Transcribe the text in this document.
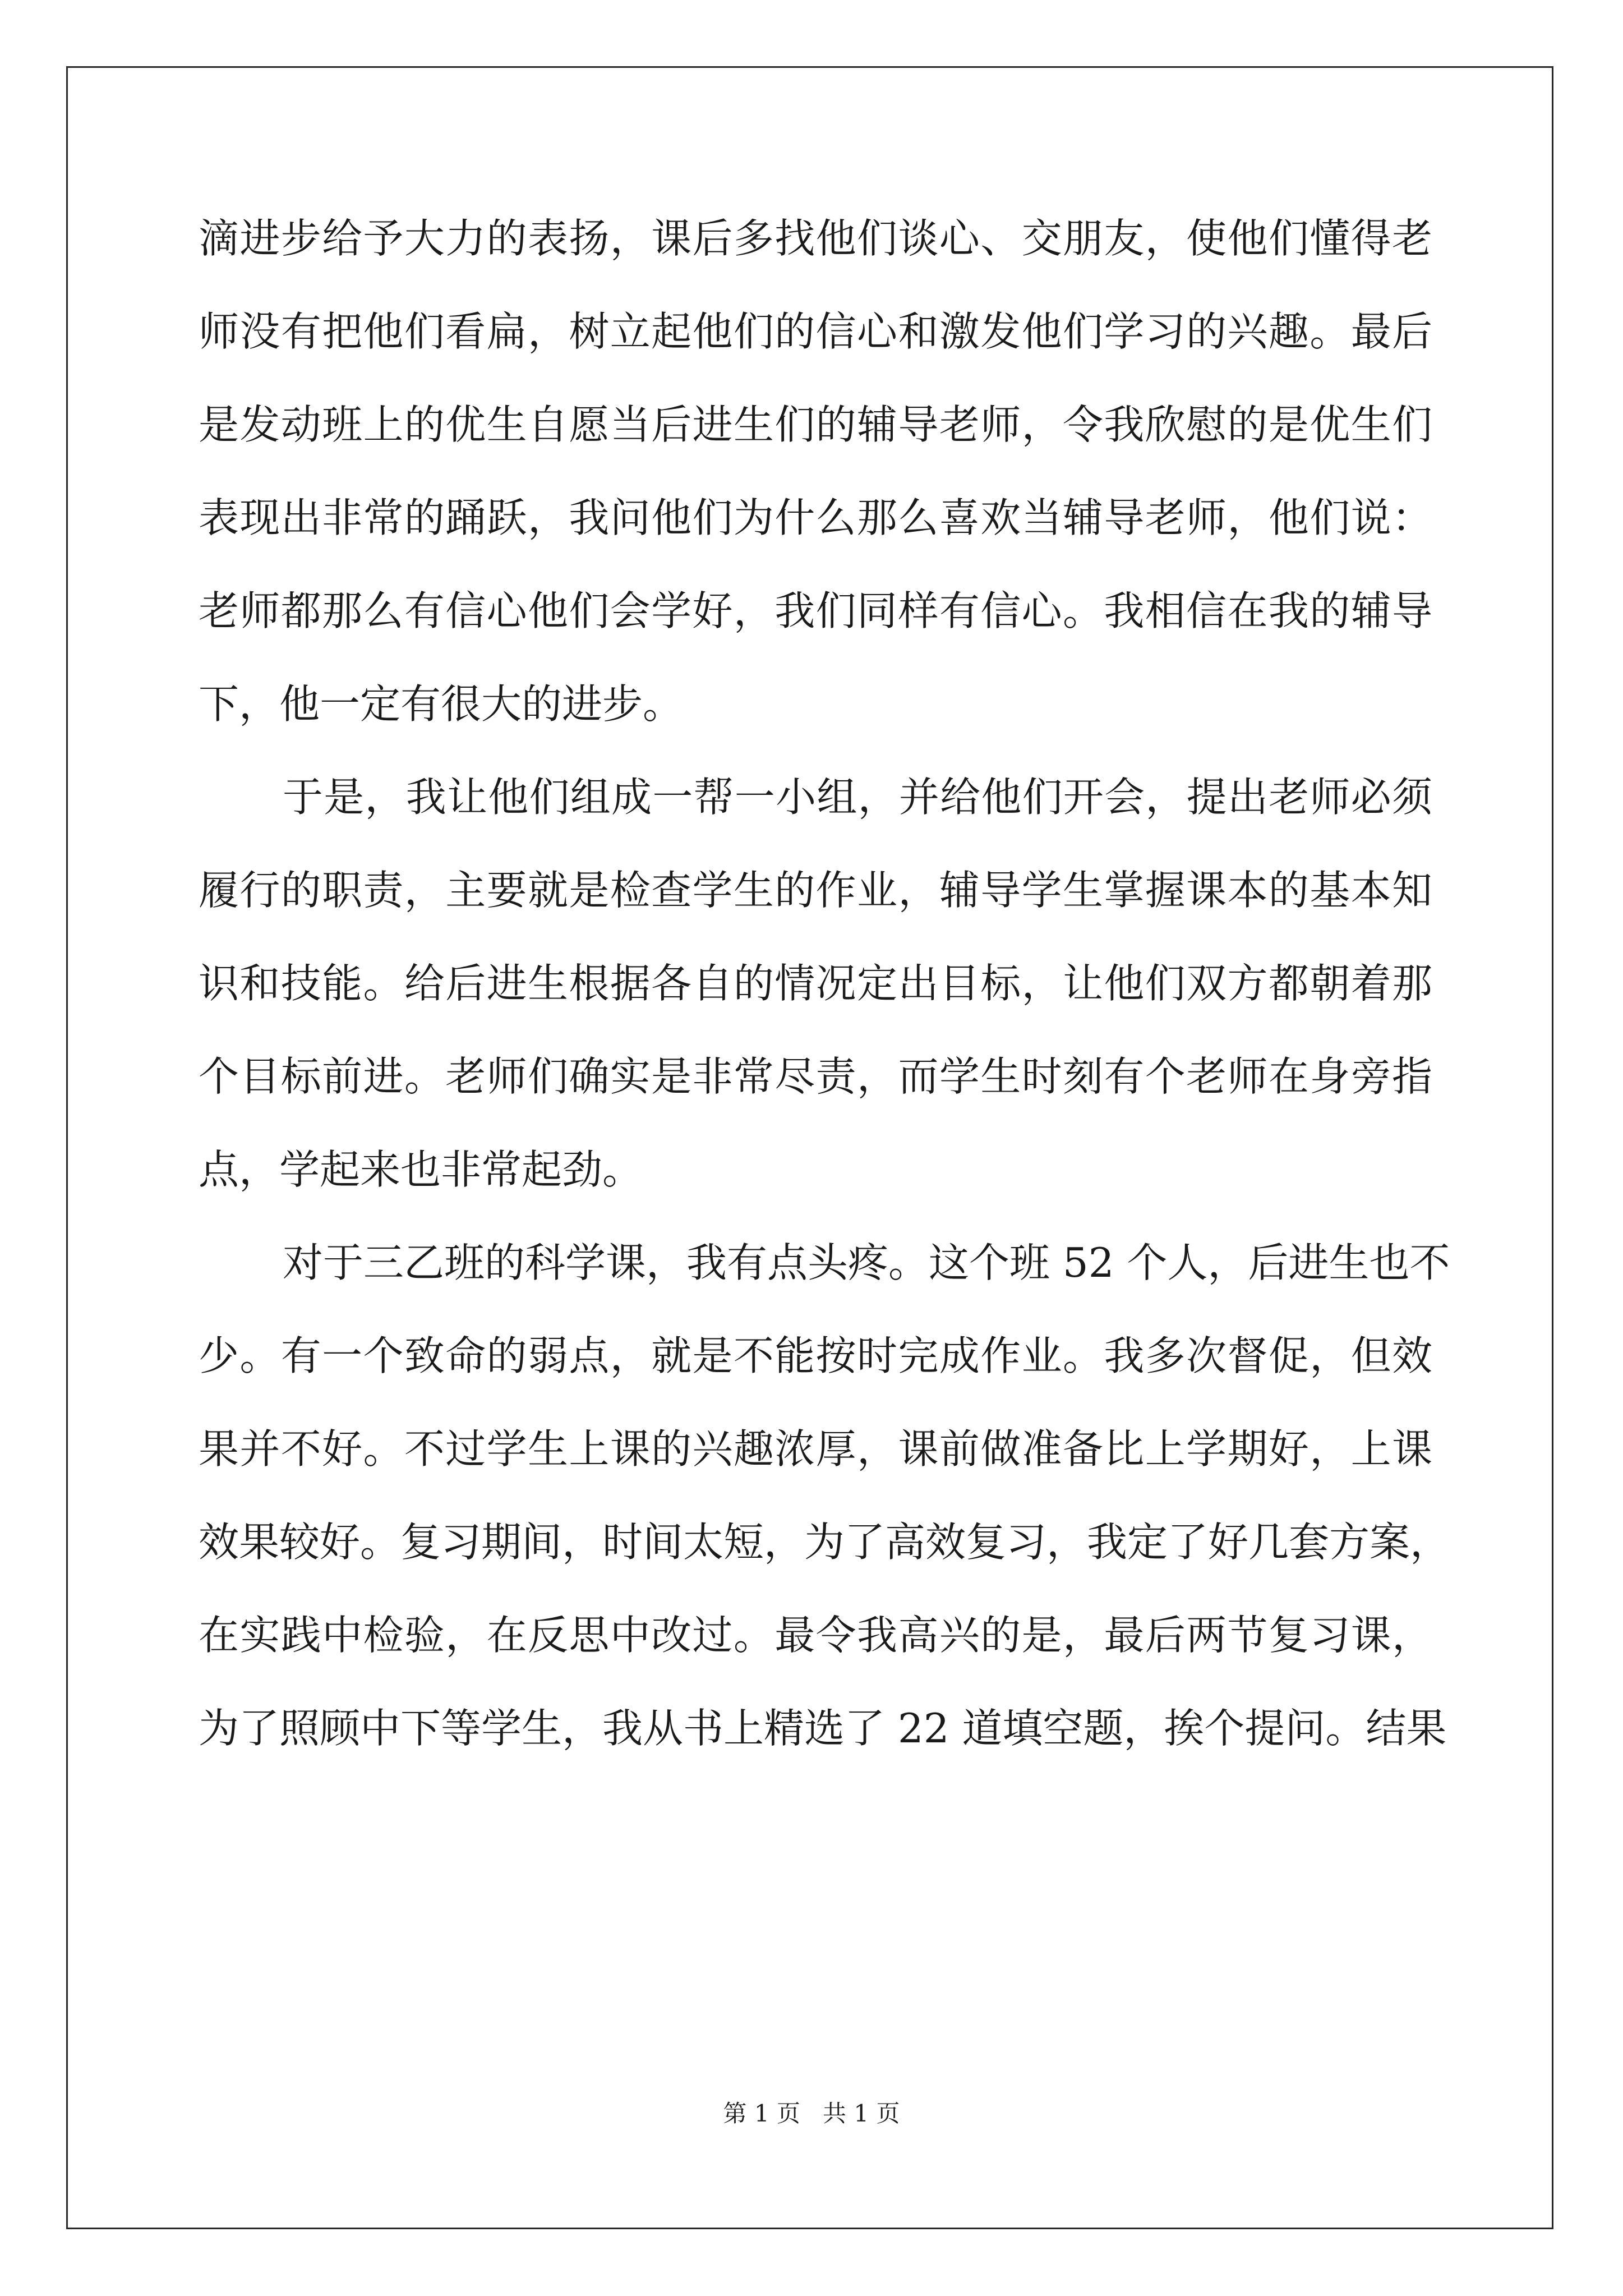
滴进步给予大力的表扬，课后多找他们谈心、交朋友，使他们懂得老
师没有把他们看扁，树立起他们的信心和激发他们学习的兴趣。最后
是发动班上的优生自愿当后进生们的辅导老师，令我欣慰的是优生们
表现出非常的踊跃，我问他们为什么那么喜欢当辅导老师，他们说：
老师都那么有信心他们会学好，我们同样有信心。我相信在我的辅导
下，他一定有很大的进步。
于是，我让他们组成一帮一小组，并给他们开会，提出老师必须
履行的职责，主要就是检查学生的作业，辅导学生掌握课本的基本知
识和技能。给后进生根据各自的情况定出目标，让他们双方都朝着那
个目标前进。老师们确实是非常尽责，而学生时刻有个老师在身旁指
点，学起来也非常起劲。
对于三乙班的科学课，我有点头疼。这个班 52 个人，后进生也不
少。有一个致命的弱点，就是不能按时完成作业。我多次督促，但效
果并不好。不过学生上课的兴趣浓厚，课前做准备比上学期好，上课
效果较好。复习期间，时间太短，为了高效复习，我定了好几套方案，
在实践中检验，在反思中改过。最令我高兴的是，最后两节复习课，
为了照顾中下等学生，我从书上精选了 22 道填空题，挨个提问。结果
第 1 页 共 1 页
